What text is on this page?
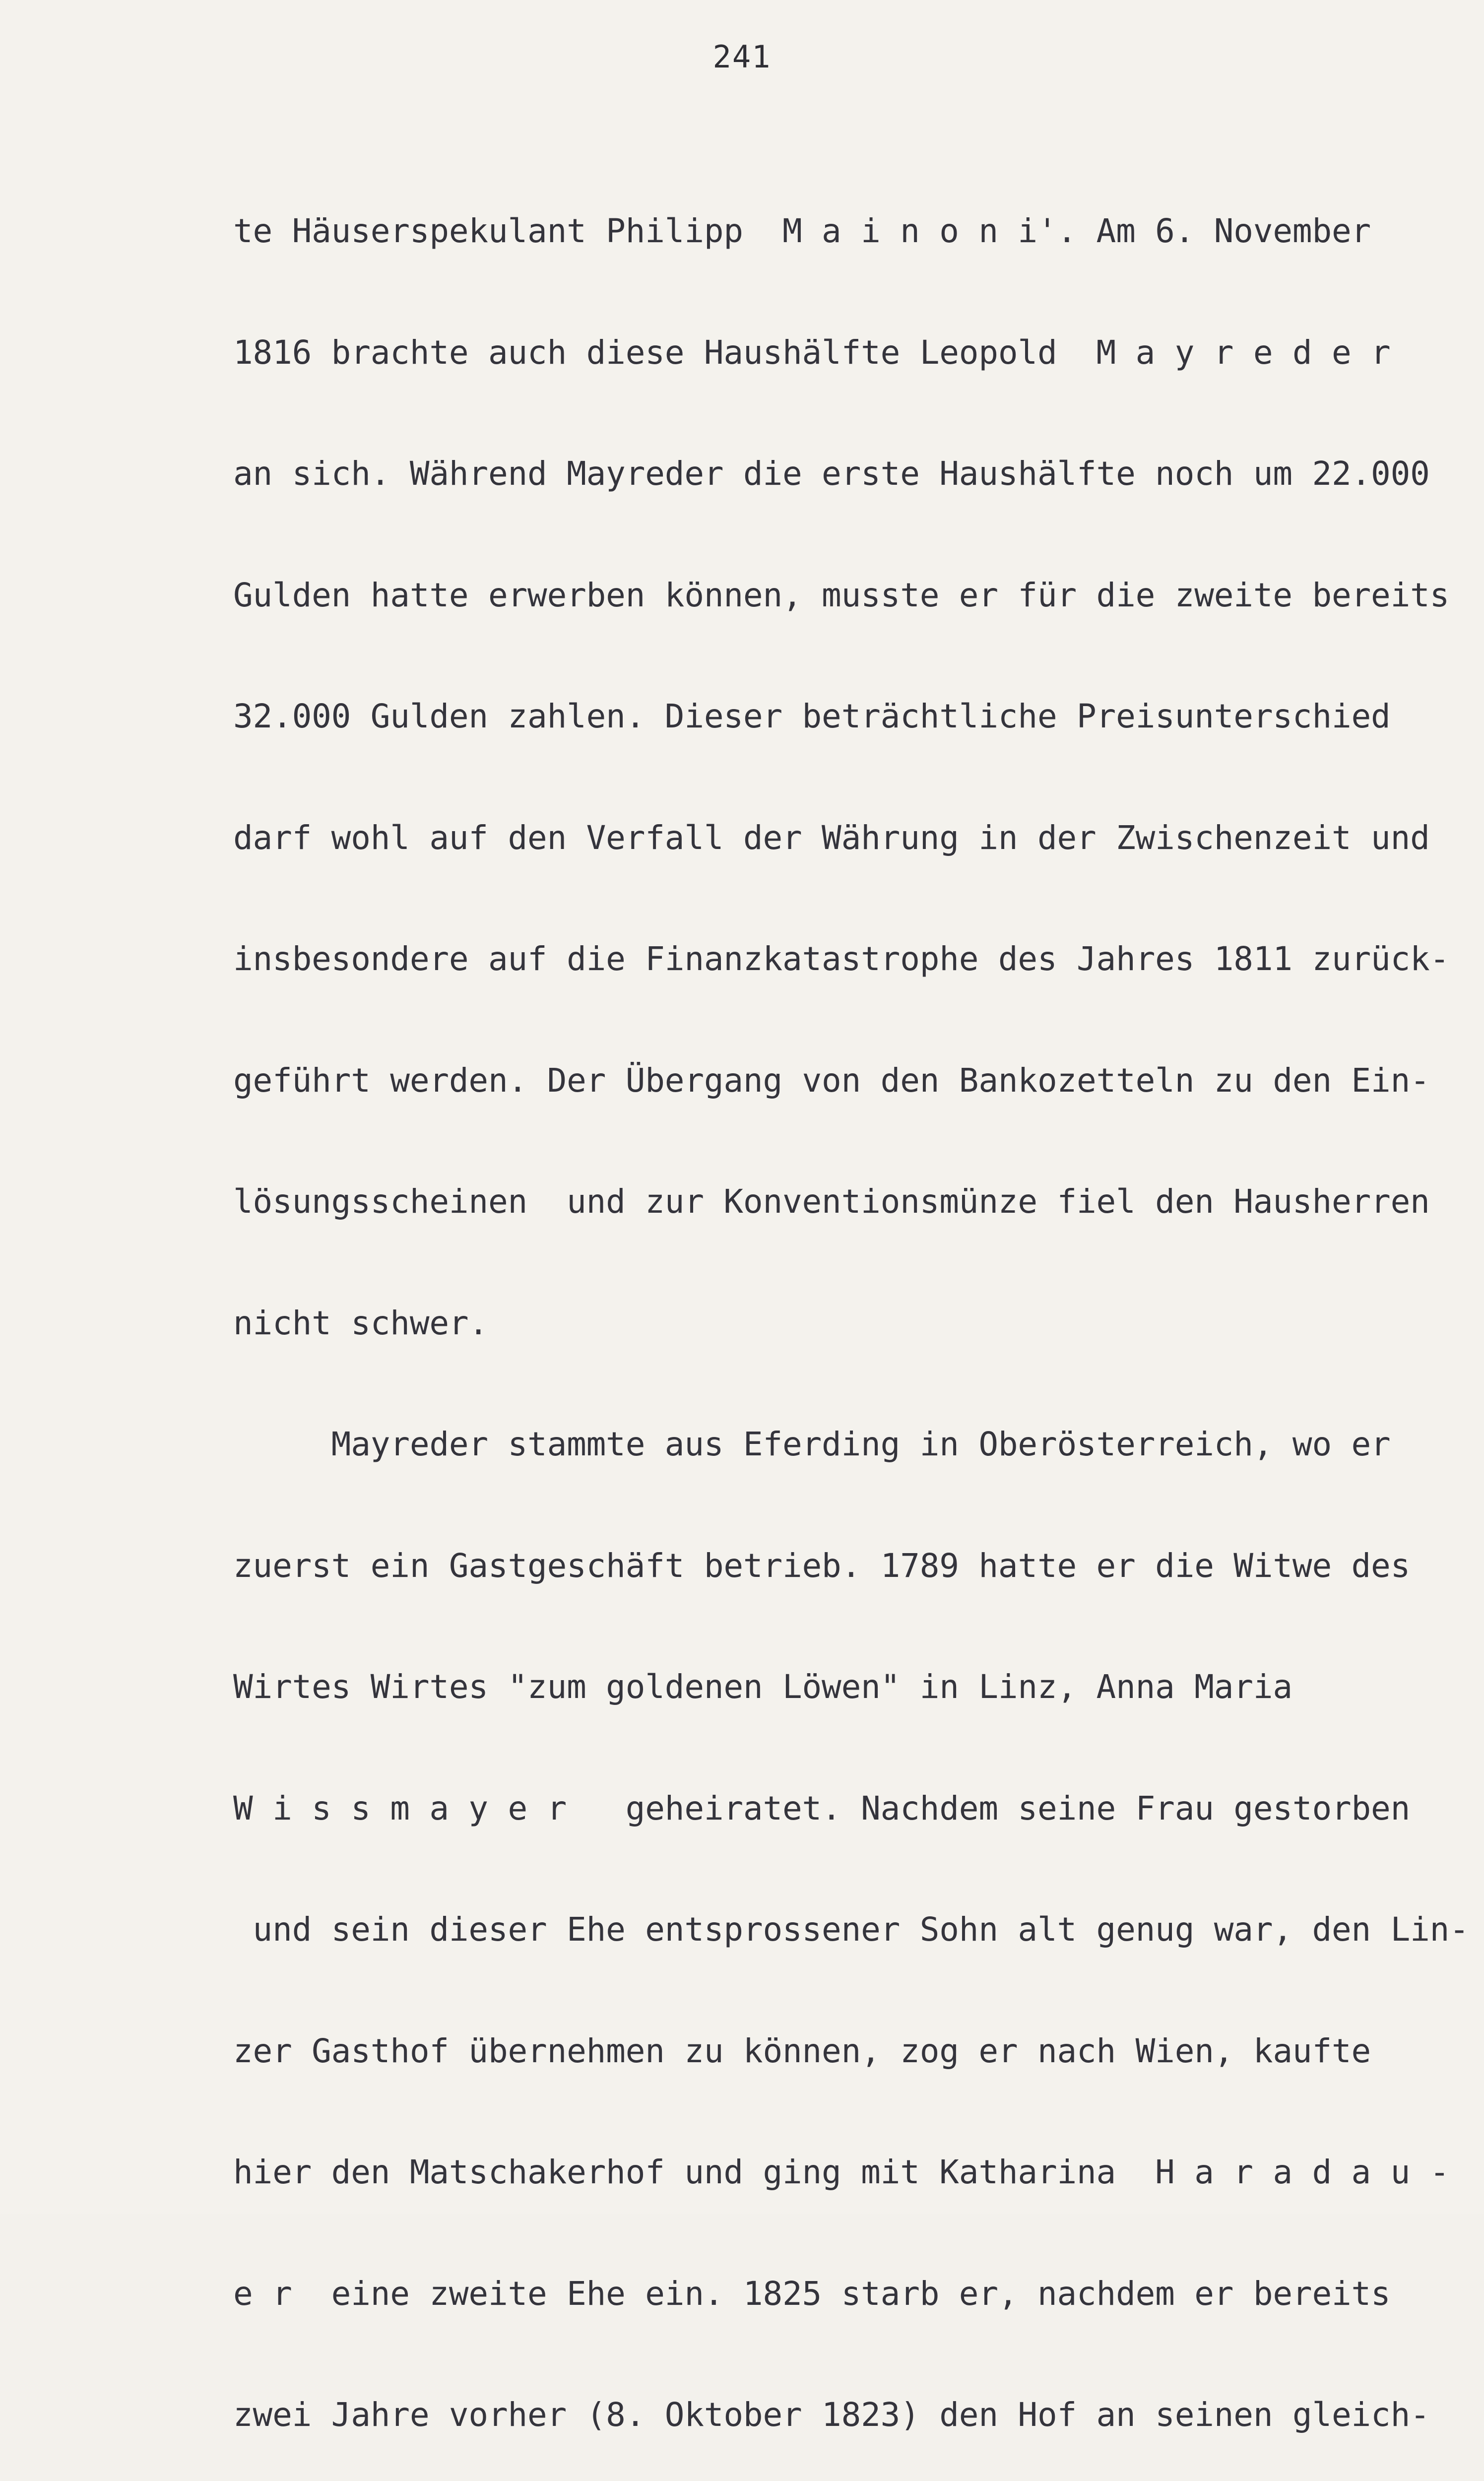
241

te Häuserspekulant Philipp  M a i n o n i'. Am 6. November

1816 brachte auch diese Haushälfte Leopold  M a y r e d e r

an sich. Während Mayreder die erste Haushälfte noch um 22.000

Gulden hatte erwerben können, musste er für die zweite bereits

32.000 Gulden zahlen. Dieser beträchtliche Preisunterschied

darf wohl auf den Verfall der Währung in der Zwischenzeit und

insbesondere auf die Finanzkatastrophe des Jahres 1811 zurück-

geführt werden. Der Übergang von den Bankozetteln zu den Ein-

lösungsscheinen  und zur Konventionsmünze fiel den Hausherren

nicht schwer.

Mayreder stammte aus Eferding in Oberösterreich, wo er

zuerst ein Gastgeschäft betrieb. 1789 hatte er die Witwe des

Wirtes Wirtes "zum goldenen Löwen" in Linz, Anna Maria

W i s s m a y e r   geheiratet. Nachdem seine Frau gestorben

und sein dieser Ehe entsprossener Sohn alt genug war, den Lin-

zer Gasthof übernehmen zu können, zog er nach Wien, kaufte

hier den Matschakerhof und ging mit Katharina  H a r a d a u -

e r  eine zweite Ehe ein. 1825 starb er, nachdem er bereits

zwei Jahre vorher (8. Oktober 1823) den Hof an seinen gleich-
